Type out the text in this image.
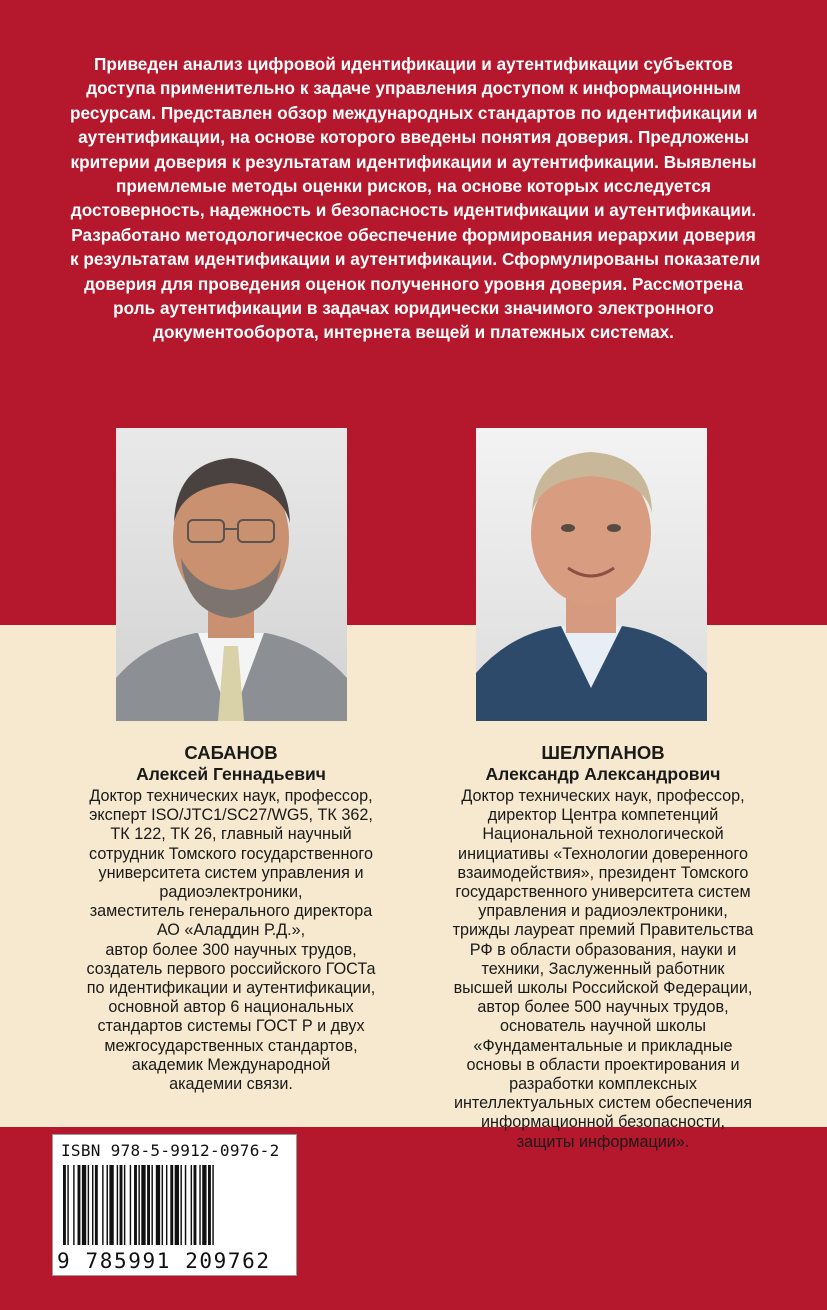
Приведен анализ цифровой идентификации и аутентификации субъектов
доступа применительно к задаче управления доступом к информационным
ресурсам. Представлен обзор международных стандартов по идентификации и
аутентификации, на основе которого введены понятия доверия. Предложены
критерии доверия к результатам идентификации и аутентификации. Выявлены
приемлемые методы оценки рисков, на основе которых исследуется
достоверность, надежность и безопасность идентификации и аутентификации.
Разработано методологическое обеспечение формирования иерархии доверия
к результатам идентификации и аутентификации. Сформулированы показатели
доверия для проведения оценок полученного уровня доверия. Рассмотрена
роль аутентификации в задачах юридически значимого электронного
документооборота, интернета вещей и платежных системах.

САБАНОВ
Алексей Геннадьевич
Доктор технических наук, профессор,
эксперт ISO/JTC1/SC27/WG5, ТК 362,
ТК 122, ТК 26, главный научный
сотрудник Томского государственного
университета систем управления и
радиоэлектроники,
заместитель генерального директора
АО «Аладдин Р.Д.»,
автор более 300 научных трудов,
создатель первого российского ГОСТа
по идентификации и аутентификации,
основной автор 6 национальных
стандартов системы ГОСТ Р и двух
межгосударственных стандартов,
академик Международной
академии связи.
ШЕЛУПАНОВ
Александр Александрович
Доктор технических наук, профессор,
директор Центра компетенций
Национальной технологической
инициативы «Технологии доверенного
взаимодействия», президент Томского
государственного университета систем
управления и радиоэлектроники,
трижды лауреат премий Правительства
РФ в области образования, науки и
техники, Заслуженный работник
высшей школы Российской Федерации,
автор более 500 научных трудов,
основатель научной школы
«Фундаментальные и прикладные
основы в области проектирования и
разработки комплексных
интеллектуальных систем обеспечения
информационной безопасности,
защиты информации».
ISBN 978-5-9912-0976-2
9 785991 209762
